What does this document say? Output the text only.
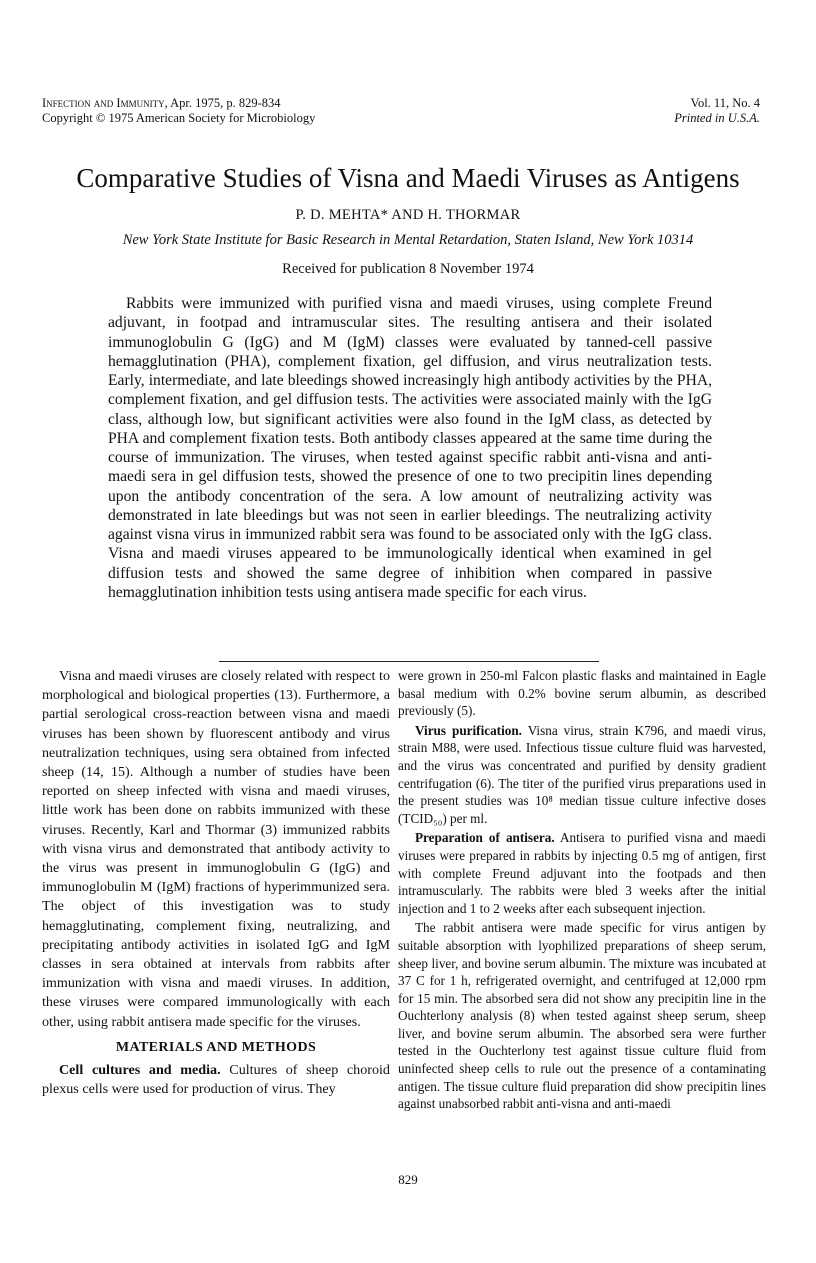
Infection and Immunity, Apr. 1975, p. 829-834
Copyright © 1975 American Society for Microbiology
Vol. 11, No. 4
Printed in U.S.A.
Comparative Studies of Visna and Maedi Viruses as Antigens
P. D. MEHTA* AND H. THORMAR
New York State Institute for Basic Research in Mental Retardation, Staten Island, New York 10314
Received for publication 8 November 1974

Rabbits were immunized with purified visna and maedi viruses, using complete Freund adjuvant, in footpad and intramuscular sites. The resulting antisera and their isolated immunoglobulin G (IgG) and M (IgM) classes were evaluated by tanned-cell passive hemagglutination (PHA), complement fixation, gel diffusion, and virus neutralization tests. Early, intermediate, and late bleedings showed increasingly high antibody activities by the PHA, complement fixation, and gel diffusion tests. The activities were associated mainly with the IgG class, although low, but significant activities were also found in the IgM class, as detected by PHA and complement fixation tests. Both antibody classes appeared at the same time during the course of immunization. The viruses, when tested against specific rabbit anti-visna and anti-maedi sera in gel diffusion tests, showed the presence of one to two precipitin lines depending upon the antibody concentration of the sera. A low amount of neutralizing activity was demonstrated in late bleedings but was not seen in earlier bleedings. The neutralizing activity against visna virus in immunized rabbit sera was found to be associated only with the IgG class. Visna and maedi viruses appeared to be immunologically identical when examined in gel diffusion tests and showed the same degree of inhibition when compared in passive hemagglutination inhibition tests using antisera made specific for each virus.

Visna and maedi viruses are closely related with respect to morphological and biological properties (13). Furthermore, a partial serological cross-reaction between visna and maedi viruses has been shown by fluorescent antibody and virus neutralization techniques, using sera obtained from infected sheep (14, 15). Although a number of studies have been reported on sheep infected with visna and maedi viruses, little work has been done on rabbits immunized with these viruses. Recently, Karl and Thormar (3) immunized rabbits with visna virus and demonstrated that antibody activity to the virus was present in immunoglobulin G (IgG) and immunoglobulin M (IgM) fractions of hyperimmunized sera. The object of this investigation was to study hemagglutinating, complement fixing, neutralizing, and precipitating antibody activities in isolated IgG and IgM classes in sera obtained at intervals from rabbits after immunization with visna and maedi viruses. In addition, these viruses were compared immunologically with each other, using rabbit antisera made specific for the viruses.

MATERIALS AND METHODS

Cell cultures and media. Cultures of sheep choroid plexus cells were used for production of virus. They

were grown in 250-ml Falcon plastic flasks and maintained in Eagle basal medium with 0.2% bovine serum albumin, as described previously (5).

Virus purification. Visna virus, strain K796, and maedi virus, strain M88, were used. Infectious tissue culture fluid was harvested, and the virus was concentrated and purified by density gradient centrifugation (6). The titer of the purified virus preparations used in the present studies was 10⁸ median tissue culture infective doses (TCID₅₀) per ml.

Preparation of antisera. Antisera to purified visna and maedi viruses were prepared in rabbits by injecting 0.5 mg of antigen, first with complete Freund adjuvant into the footpads and then intramuscularly. The rabbits were bled 3 weeks after the initial injection and 1 to 2 weeks after each subsequent injection.

The rabbit antisera were made specific for virus antigen by suitable absorption with lyophilized preparations of sheep serum, sheep liver, and bovine serum albumin. The mixture was incubated at 37 C for 1 h, refrigerated overnight, and centrifuged at 12,000 rpm for 15 min. The absorbed sera did not show any precipitin line in the Ouchterlony analysis (8) when tested against sheep serum, sheep liver, and bovine serum albumin. The absorbed sera were further tested in the Ouchterlony test against tissue culture fluid from uninfected sheep cells to rule out the presence of a contaminating antigen. The tissue culture fluid preparation did show precipitin lines against unabsorbed rabbit anti-visna and anti-maedi

829
